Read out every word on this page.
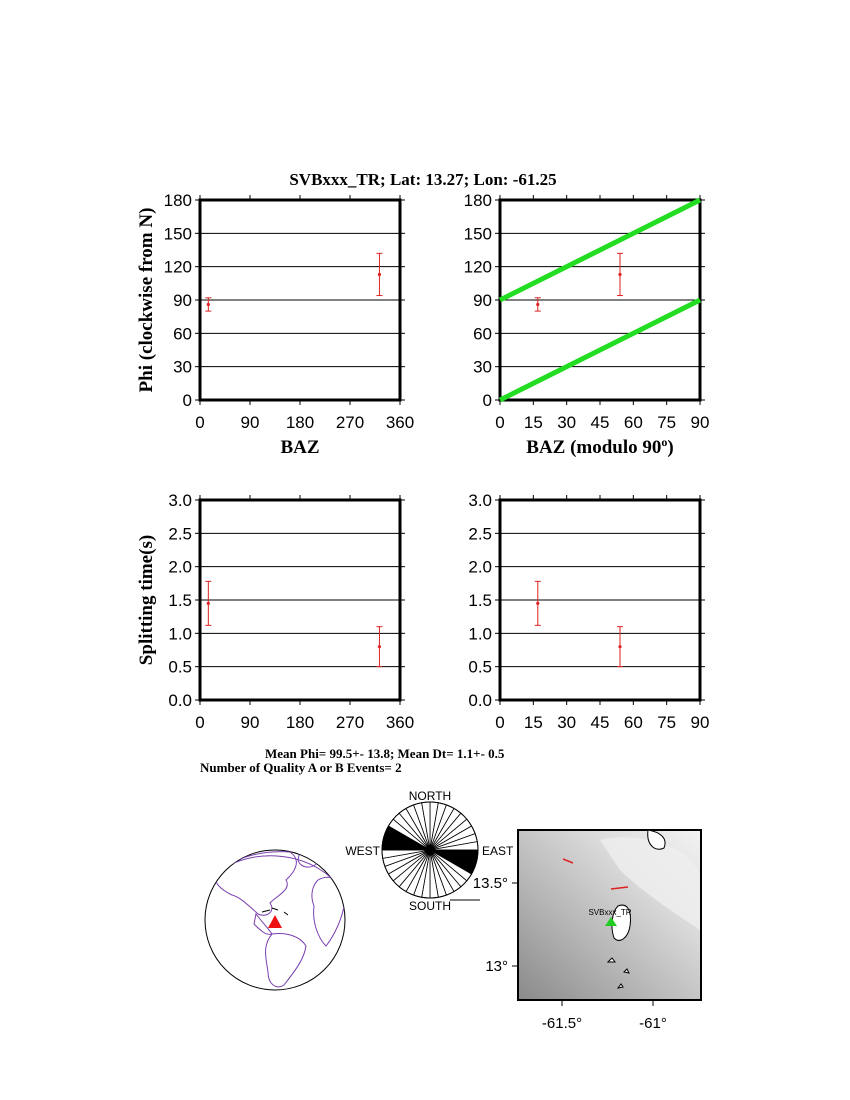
SVBxxx_TR; Lat: 13.27; Lon: -61.25
0
30
60
90
120
150
180
0 90 180 270 360
BAZ
Phi (clockwise from N)
0
30
60
90
120
150
180
0 15 30 45 60 75 90
BAZ (modulo 90$^o$)
0.0
0.5
1.0
1.5
2.0
2.5
3.0
0 90 180 270 360
Splitting time(s)
0.0
0.5
1.0
1.5
2.0
2.5
3.0
0 15 30 45 60 75 90
Mean Phi= 99.5+- 13.8; Mean Dt= 1.1+- 0.5
Number of Quality A or B Events= 2
NORTH
SOUTH
WEST	EAST
SVBxxx_TR
-61.5°	-61°
13.5°
13°
